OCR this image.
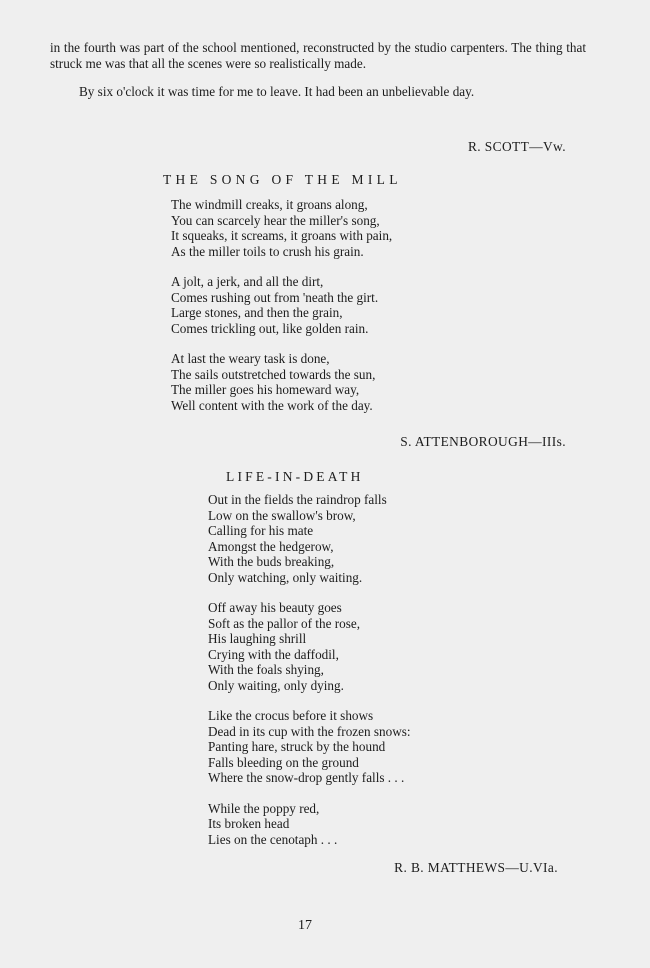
in the fourth was part of the school mentioned, reconstructed by the studio carpenters. The thing that struck me was that all the scenes were so realistically made.

By six o'clock it was time for me to leave. It had been an unbelievable day.

R. SCOTT—Vw.
THE SONG OF THE MILL
The windmill creaks, it groans along,
You can scarcely hear the miller's song,
It squeaks, it screams, it groans with pain,
As the miller toils to crush his grain.
A jolt, a jerk, and all the dirt,
Comes rushing out from 'neath the girt.
Large stones, and then the grain,
Comes trickling out, like golden rain.
At last the weary task is done,
The sails outstretched towards the sun,
The miller goes his homeward way,
Well content with the work of the day.
S. ATTENBOROUGH—IIIs.
LIFE-IN-DEATH
Out in the fields the raindrop falls
Low on the swallow's brow,
Calling for his mate
Amongst the hedgerow,
With the buds breaking,
Only watching, only waiting.
Off away his beauty goes
Soft as the pallor of the rose,
His laughing shrill
Crying with the daffodil,
With the foals shying,
Only waiting, only dying.
Like the crocus before it shows
Dead in its cup with the frozen snows:
Panting hare, struck by the hound
Falls bleeding on the ground
Where the snow-drop gently falls . . .
While the poppy red,
Its broken head
Lies on the cenotaph . . .
R. B. MATTHEWS—U.VIa.
17
